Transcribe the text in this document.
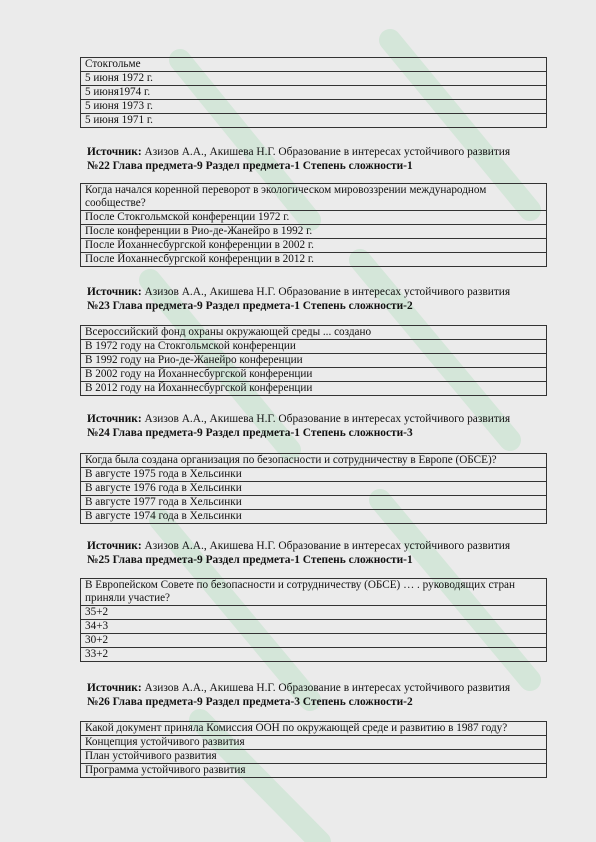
Стокгольме
5 июня 1972 г.
5 июня1974 г.
5 июня 1973 г.
5 июня 1971 г.
Источник: Азизов А.А., Акишева Н.Г. Образование в интересах устойчивого развития
№22 Глава предмета-9 Раздел предмета-1 Степень сложности-1
Когда начался коренной переворот в экологическом мировоззрении международном сообществе?
После Стокгольмской конференции 1972 г.
После конференции в Рио-де-Жанейро в 1992 г.
После Йоханнесбургской конференции в 2002 г.
После Йоханнесбургской конференции в 2012 г.
Источник: Азизов А.А., Акишева Н.Г. Образование в интересах устойчивого развития
№23 Глава предмета-9 Раздел предмета-1 Степень сложности-2
Всероссийский фонд охраны окружающей среды ... создано
В 1972 году на Стокгольмской конференции
В 1992 году на Рио-де-Жанейро конференции
В 2002 году на Йоханнесбургской конференции
В 2012 году на Йоханнесбургской конференции
Источник: Азизов А.А., Акишева Н.Г. Образование в интересах устойчивого развития
№24 Глава предмета-9 Раздел предмета-1 Степень сложности-3
Когда была создана организация по безопасности и сотрудничеству в Европе (ОБСЕ)?
В августе 1975 года в Хельсинки
В августе 1976 года в Хельсинки
В августе 1977 года в Хельсинки
В августе 1974 года в Хельсинки
Источник: Азизов А.А., Акишева Н.Г. Образование в интересах устойчивого развития
№25 Глава предмета-9 Раздел предмета-1 Степень сложности-1
В Европейском Совете по безопасности и сотрудничеству (ОБСЕ) … . руководящих стран приняли участие?
35+2
34+3
30+2
33+2
Источник: Азизов А.А., Акишева Н.Г. Образование в интересах устойчивого развития
№26 Глава предмета-9 Раздел предмета-3 Степень сложности-2
Какой документ приняла Комиссия ООН по окружающей среде и развитию в 1987 году?
Концепция устойчивого развития
План устойчивого развития
Программа устойчивого развития
